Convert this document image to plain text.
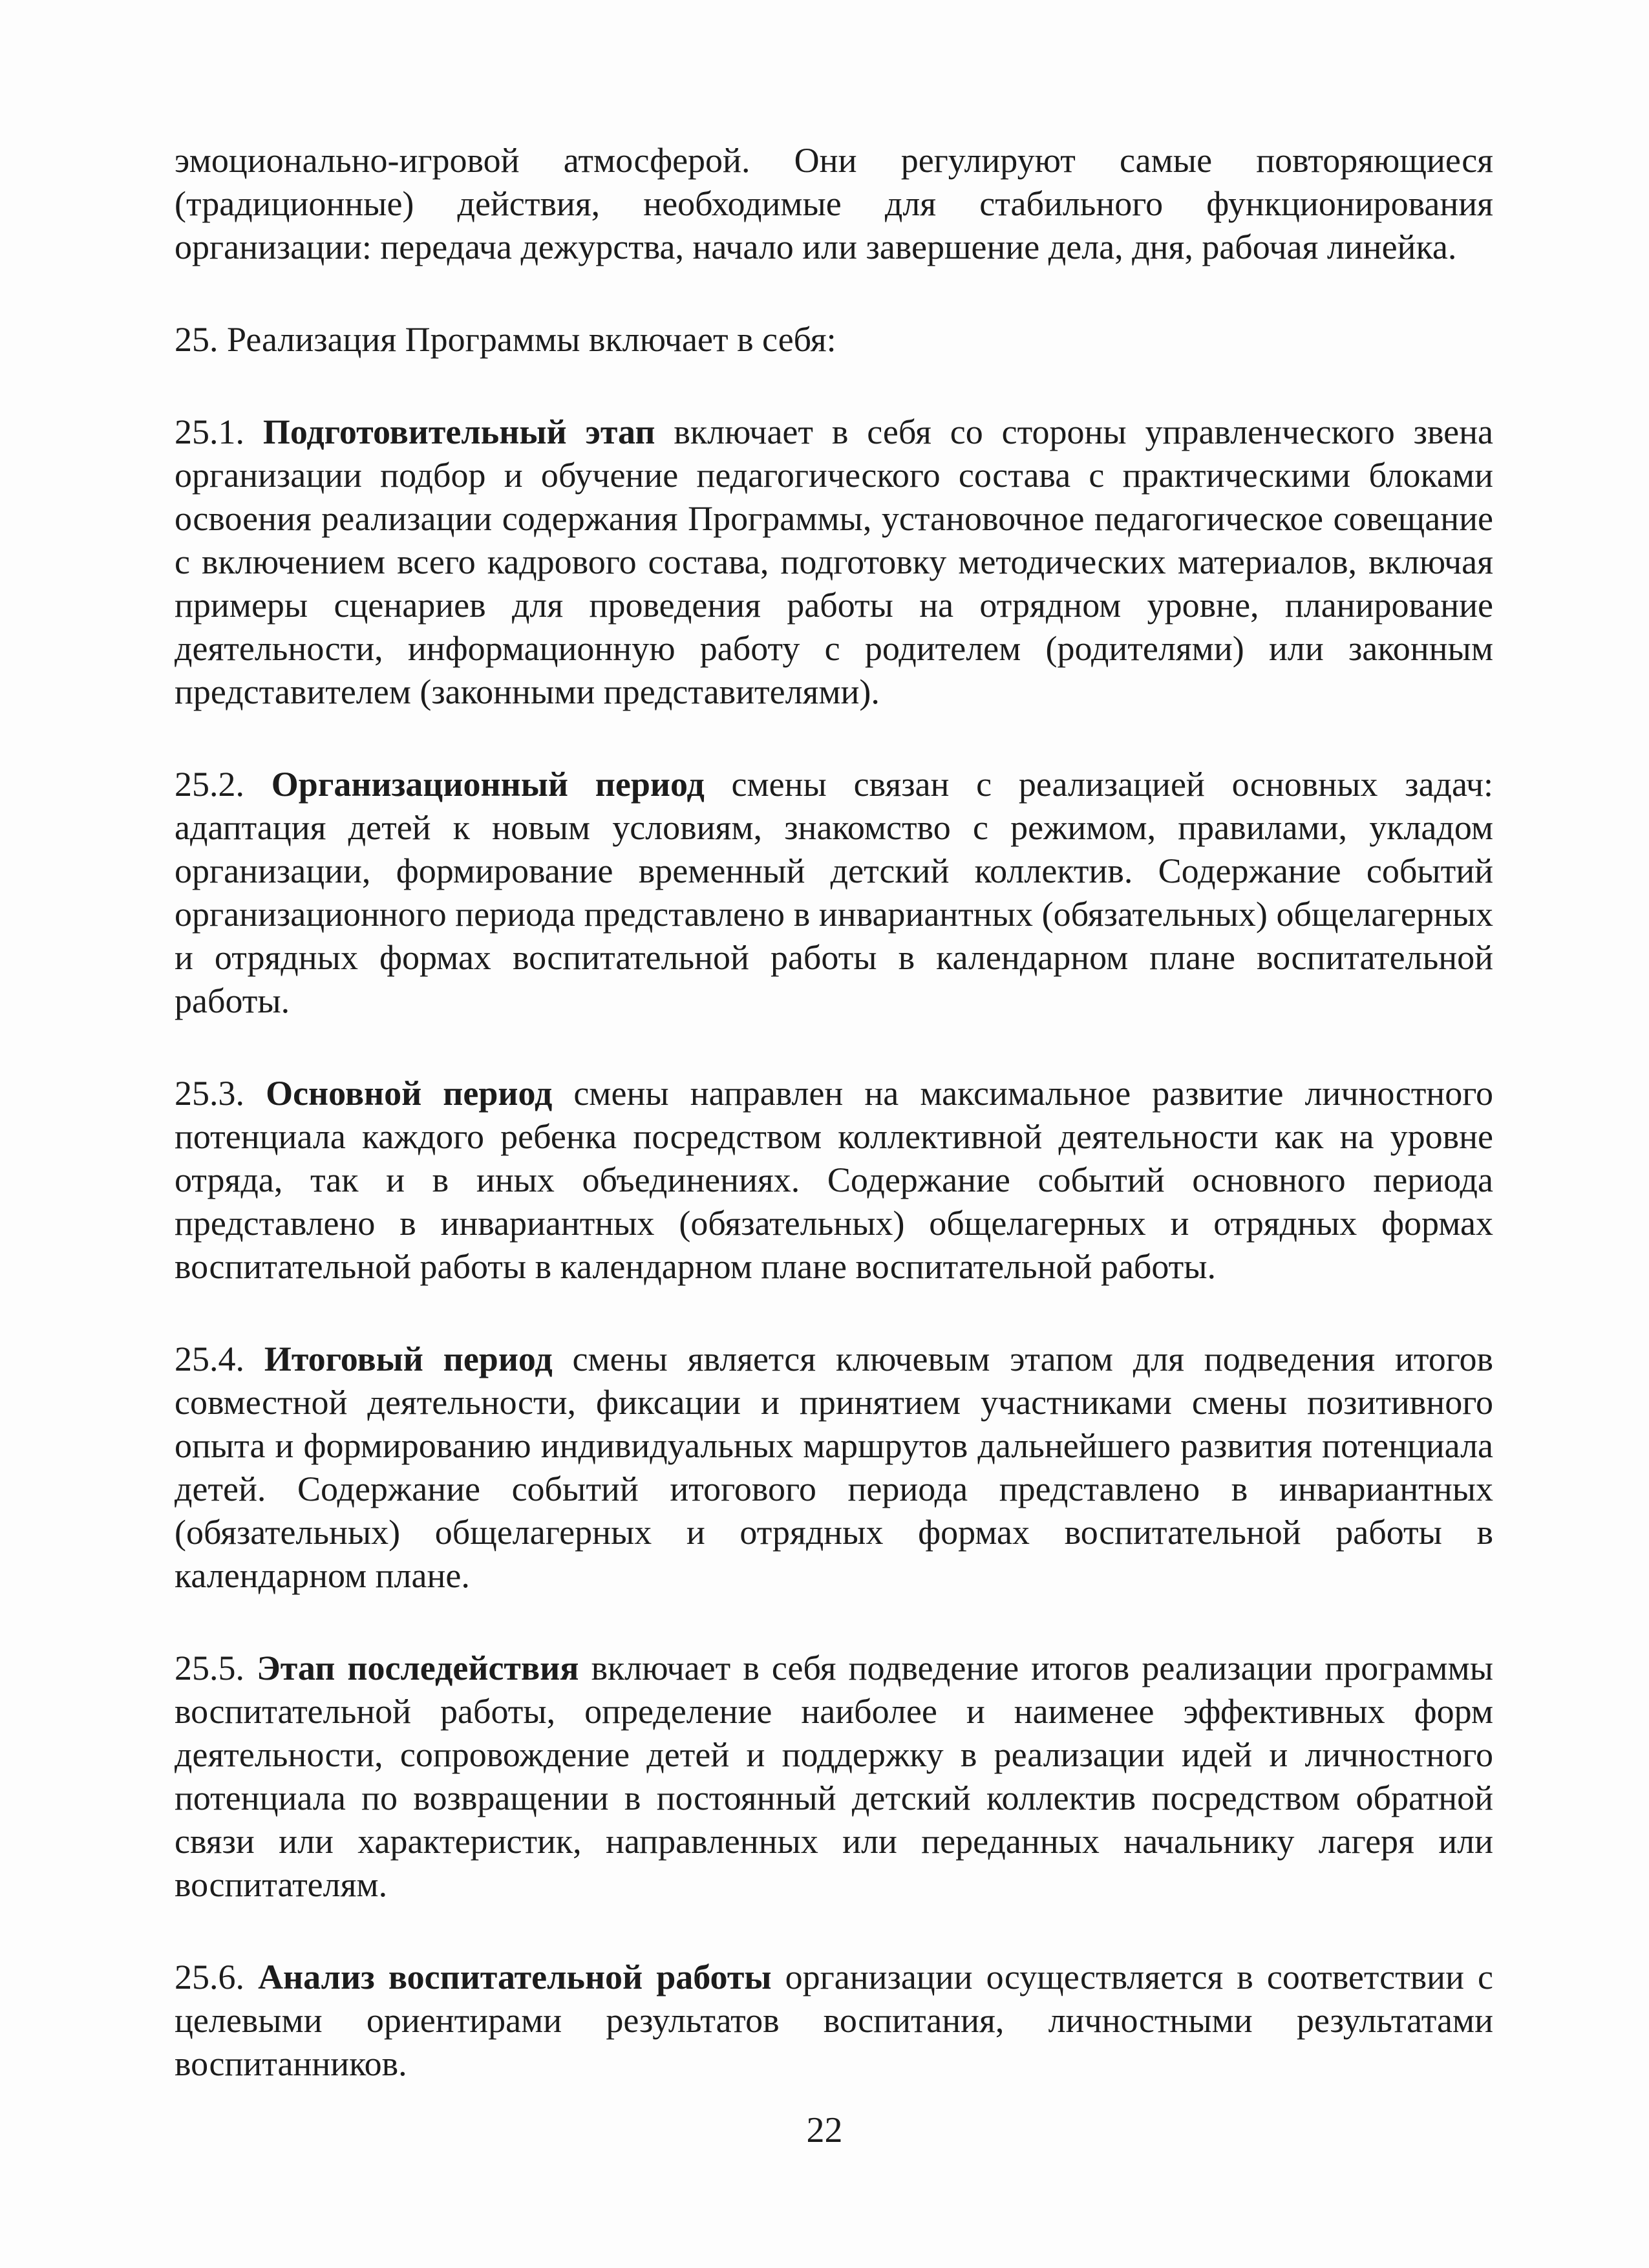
эмоционально-игровой атмосферой. Они регулируют самые повторяющиеся (традиционные) действия, необходимые для стабильного функционирования организации: передача дежурства, начало или завершение дела, дня, рабочая линейка.

25. Реализация Программы включает в себя:

25.1. Подготовительный этап включает в себя со стороны управленческого звена организации подбор и обучение педагогического состава с практическими блоками освоения реализации содержания Программы, установочное педагогическое совещание с включением всего кадрового состава, подготовку методических материалов, включая примеры сценариев для проведения работы на отрядном уровне, планирование деятельности, информационную работу с родителем (родителями) или законным представителем (законными представителями).

25.2. Организационный период смены связан с реализацией основных задач: адаптация детей к новым условиям, знакомство с режимом, правилами, укладом организации, формирование временный детский коллектив. Содержание событий организационного периода представлено в инвариантных (обязательных) общелагерных и отрядных формах воспитательной работы в календарном плане воспитательной работы.

25.3. Основной период смены направлен на максимальное развитие личностного потенциала каждого ребенка посредством коллективной деятельности как на уровне отряда, так и в иных объединениях. Содержание событий основного периода представлено в инвариантных (обязательных) общелагерных и отрядных формах воспитательной работы в календарном плане воспитательной работы.

25.4. Итоговый период смены является ключевым этапом для подведения итогов совместной деятельности, фиксации и принятием участниками смены позитивного опыта и формированию индивидуальных маршрутов дальнейшего развития потенциала детей. Содержание событий итогового периода представлено в инвариантных (обязательных) общелагерных и отрядных формах воспитательной работы в календарном плане.

25.5. Этап последействия включает в себя подведение итогов реализации программы воспитательной работы, определение наиболее и наименее эффективных форм деятельности, сопровождение детей и поддержку в реализации идей и личностного потенциала по возвращении в постоянный детский коллектив посредством обратной связи или характеристик, направленных или переданных начальнику лагеря или воспитателям.

25.6. Анализ воспитательной работы организации осуществляется в соответствии с целевыми ориентирами результатов воспитания, личностными результатами воспитанников.

22
